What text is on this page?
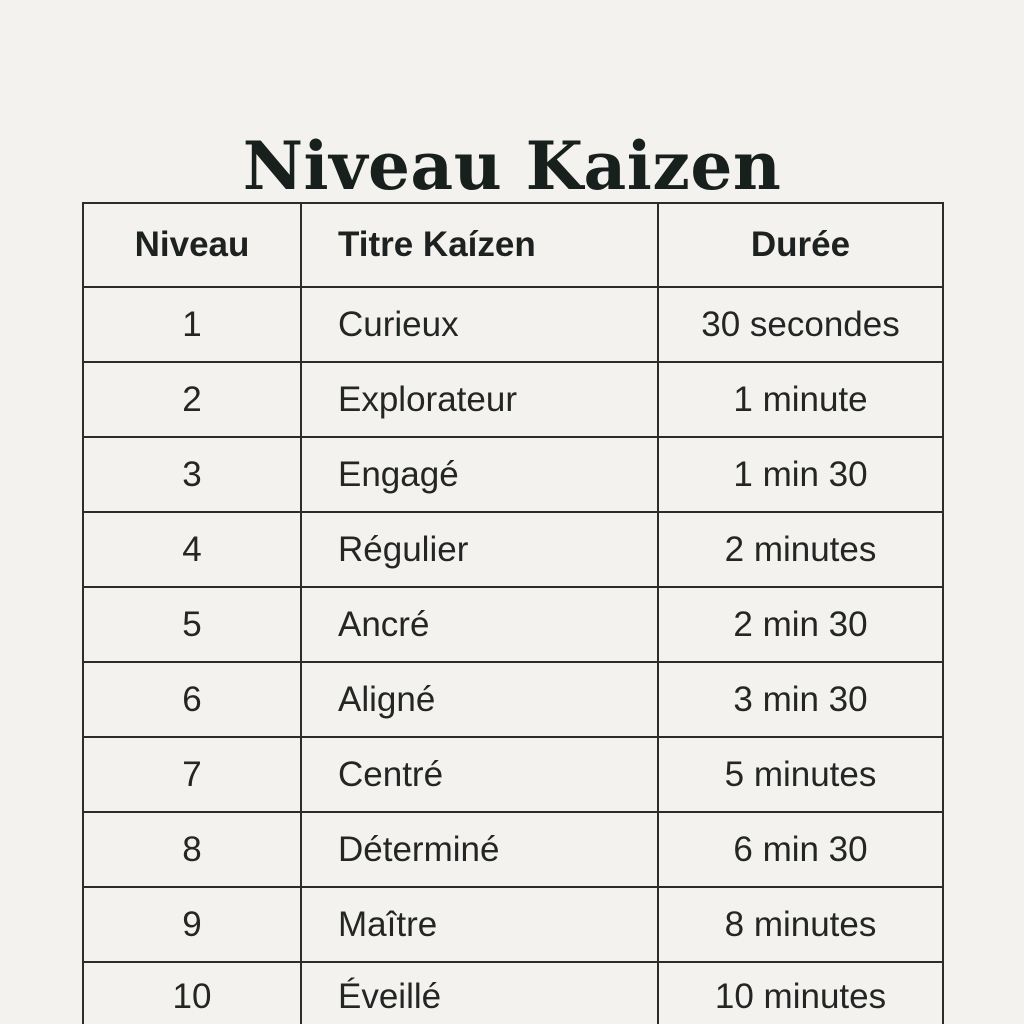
Niveau Kaizen
Niveau	Titre Kaízen	Durée
1	Curieux	30 secondes
2	Explorateur	1 minute
3	Engagé	1 min 30
4	Régulier	2 minutes
5	Ancré	2 min 30
6	Aligné	3 min 30
7	Centré	5 minutes
8	Déterminé	6 min 30
9	Maître	8 minutes
10	Éveillé	10 minutes
